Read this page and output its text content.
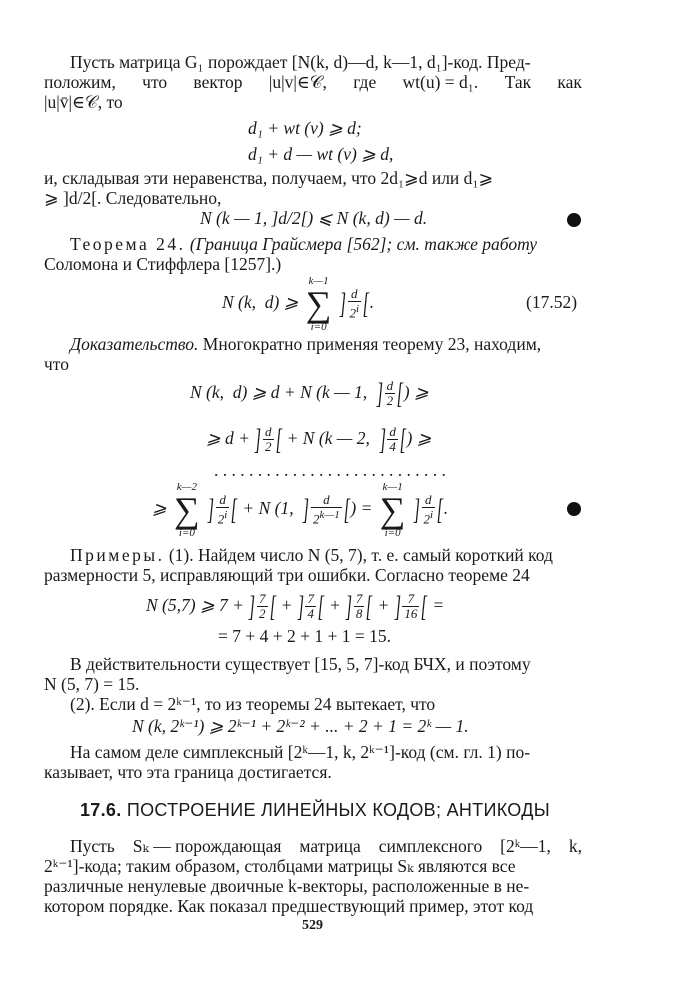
Пусть матрица G₁ порождает [N(k, d)—d, k—1, d₁]-код. Пред-
положим, что вектор |u|v|∈𝒞, где wt(u) = d₁. Так как
|u|v̄|∈𝒞, то
d₁ + wt (v) ⩾ d;
d₁ + d — wt (v) ⩾ d,
и, складывая эти неравенства, получаем, что 2d₁⩾d или d₁⩾
⩾ ]d/2[. Следовательно,
N (k — 1, ]d/2[) ⩽ N (k, d) — d.
Теорема 24. (Граница Грайсмера [562]; см. также работу
Соломона и Стиффлера [1257].)
N (k,  d) ⩾
k—1
∑
i=0
] $\frac{d}{2^i}$ [.	(17.52)
Доказательство. Многократно применяя теорему 23, находим,
что
N (k,  d) ⩾ d + N (k — 1,  ] $\frac{d}{2}$ [) ⩾
⩾ d + ] $\frac{d}{2}$ [ + N (k — 2,  ] $\frac{d}{4}$ [) ⩾
. . . . . . . . . . . . . . . . . . . . . . . . . . .
⩾
k—2
∑
i=0
] $\frac{d}{2^i}$ [ + N (1,  ] $\frac{d}{2^{k—1}}$ [) =
k—1
∑
i=0
] $\frac{d}{2^i}$ [.
Примеры. (1). Найдем число N (5, 7), т. е. самый короткий код
размерности 5, исправляющий три ошибки. Согласно теореме 24
N (5,7) ⩾ 7 + ] $\frac{7}{2}$ [ + ] $\frac{7}{4}$ [ + ] $\frac{7}{8}$ [ + ] $\frac{7}{16}$ [ =
= 7 + 4 + 2 + 1 + 1 = 15.
В действительности существует [15, 5, 7]-код БЧХ, и поэтому
N (5, 7) = 15.
(2). Если d = 2ᵏ⁻¹, то из теоремы 24 вытекает, что
N (k, 2ᵏ⁻¹) ⩾ 2ᵏ⁻¹ + 2ᵏ⁻² + ... + 2 + 1 = 2ᵏ — 1.
На самом деле симплексный [2ᵏ—1, k, 2ᵏ⁻¹]-код (см. гл. 1) по-
казывает, что эта граница достигается.
17.6. ПОСТРОЕНИЕ ЛИНЕЙНЫХ КОДОВ; АНТИКОДЫ
Пусть Sₖ — порождающая матрица симплексного [2ᵏ—1, k,
2ᵏ⁻¹]-кода; таким образом, столбцами матрицы Sₖ являются все
различные ненулевые двоичные k-векторы, расположенные в не-
котором порядке. Как показал предшествующий пример, этот код
529
